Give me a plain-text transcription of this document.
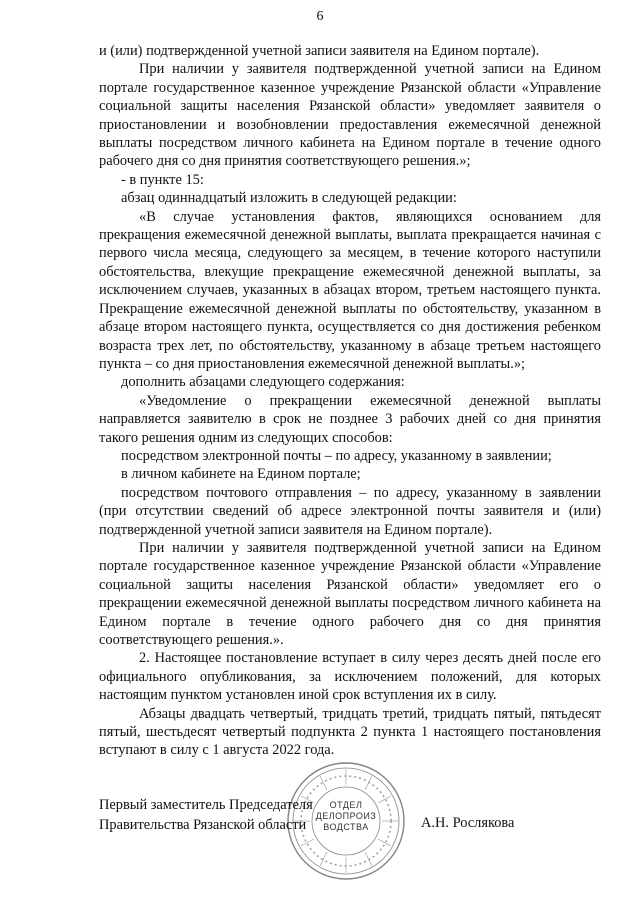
6

и (или) подтвержденной учетной записи заявителя на Едином портале).

При наличии у заявителя подтвержденной учетной записи на Едином портале государственное казенное учреждение Рязанской области «Управление социальной защиты населения Рязанской области» уведомляет заявителя о приостановлении и возобновлении предоставления ежемесячной денежной выплаты посредством личного кабинета на Едином портале в течение одного рабочего дня со дня принятия соответствующего решения.»;

- в пункте 15:

абзац одиннадцатый изложить в следующей редакции:

«В случае установления фактов, являющихся основанием для прекращения ежемесячной денежной выплаты, выплата прекращается начиная с первого числа месяца, следующего за месяцем, в течение которого наступили обстоятельства, влекущие прекращение ежемесячной денежной выплаты, за исключением случаев, указанных в абзацах втором, третьем настоящего пункта. Прекращение ежемесячной денежной выплаты по обстоятельству, указанном в абзаце втором настоящего пункта, осуществляется со дня достижения ребенком возраста трех лет, по обстоятельству, указанному в абзаце третьем настоящего пункта – со дня приостановления ежемесячной денежной выплаты.»;

дополнить абзацами следующего содержания:

«Уведомление о прекращении ежемесячной денежной выплаты направляется заявителю в срок не позднее 3 рабочих дней со дня принятия такого решения одним из следующих способов:

посредством электронной почты – по адресу, указанному в заявлении;

в личном кабинете на Едином портале;

посредством почтового отправления – по адресу, указанному в заявлении (при отсутствии сведений об адресе электронной почты заявителя и (или) подтвержденной учетной записи заявителя на Едином портале).

При наличии у заявителя подтвержденной учетной записи на Едином портале государственное казенное учреждение Рязанской области «Управление социальной защиты населения Рязанской области» уведомляет его о прекращении ежемесячной денежной выплаты посредством личного кабинета на Едином портале в течение одного рабочего дня со дня принятия соответствующего решения.».

2. Настоящее постановление вступает в силу через десять дней после его официального опубликования, за исключением положений, для которых настоящим пунктом установлен иной срок вступления их в силу.

Абзацы двадцать четвертый, тридцать третий, тридцать пятый, пятьдесят пятый, шестьдесят четвертый подпункта 2 пункта 1 настоящего постановления вступают в силу с 1 августа 2022 года.

ОТДЕЛ
ДЕЛОПРОИЗ
ВОДСТВА
Первый заместитель Председателя
Правительства Рязанской области	А.Н. Рослякова
